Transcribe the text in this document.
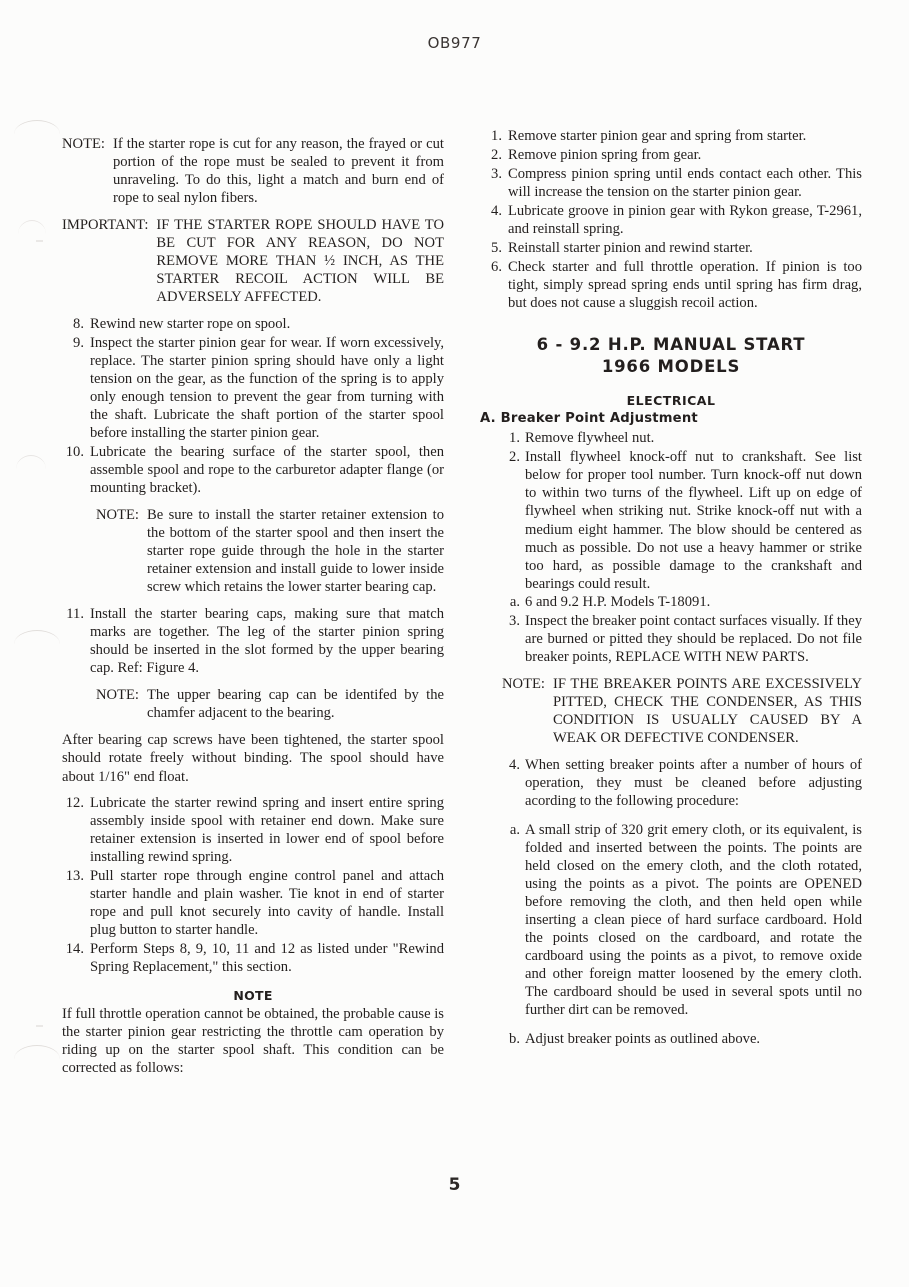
OB977
NOTE: If the starter rope is cut for any reason, the frayed or cut portion of the rope must be sealed to prevent it from unraveling. To do this, light a match and burn end of rope to seal nylon fibers.
IMPORTANT: IF THE STARTER ROPE SHOULD HAVE TO BE CUT FOR ANY REASON, DO NOT REMOVE MORE THAN ½ INCH, AS THE STARTER RECOIL ACTION WILL BE ADVERSELY AFFECTED.
8. Rewind new starter rope on spool.
9. Inspect the starter pinion gear for wear. If worn excessively, replace. The starter pinion spring should have only a light tension on the gear, as the function of the spring is to apply only enough tension to prevent the gear from turning with the shaft. Lubricate the shaft portion of the starter spool before installing the starter pinion gear.
10. Lubricate the bearing surface of the starter spool, then assemble spool and rope to the carburetor adapter flange (or mounting bracket).
NOTE: Be sure to install the starter retainer extension to the bottom of the starter spool and then insert the starter rope guide through the hole in the starter retainer extension and install guide to lower inside screw which retains the lower starter bearing cap.
11. Install the starter bearing caps, making sure that match marks are together. The leg of the starter pinion spring should be inserted in the slot formed by the upper bearing cap. Ref: Figure 4.
NOTE: The upper bearing cap can be identifed by the chamfer adjacent to the bearing.
After bearing cap screws have been tightened, the starter spool should rotate freely without binding. The spool should have about 1/16" end float.
12. Lubricate the starter rewind spring and insert entire spring assembly inside spool with retainer end down. Make sure retainer extension is inserted in lower end of spool before installing rewind spring.
13. Pull starter rope through engine control panel and attach starter handle and plain washer. Tie knot in end of starter rope and pull knot securely into cavity of handle. Install plug button to starter handle.
14. Perform Steps 8, 9, 10, 11 and 12 as listed under "Rewind Spring Replacement," this section.
NOTE
If full throttle operation cannot be obtained, the probable cause is the starter pinion gear restricting the throttle cam operation by riding up on the starter spool shaft. This condition can be corrected as follows:
1. Remove starter pinion gear and spring from starter.
2. Remove pinion spring from gear.
3. Compress pinion spring until ends contact each other. This will increase the tension on the starter pinion gear.
4. Lubricate groove in pinion gear with Rykon grease, T-2961, and reinstall spring.
5. Reinstall starter pinion and rewind starter.
6. Check starter and full throttle operation. If pinion is too tight, simply spread spring ends until spring has firm drag, but does not cause a sluggish recoil action.
6 - 9.2 H.P. MANUAL START
1966 MODELS
ELECTRICAL
A. Breaker Point Adjustment
1. Remove flywheel nut.
2. Install flywheel knock-off nut to crankshaft. See list below for proper tool number. Turn knock-off nut down to within two turns of the flywheel. Lift up on edge of flywheel when striking nut. Strike knock-off nut with a medium eight hammer. The blow should be centered as much as possible. Do not use a heavy hammer or strike too hard, as possible damage to the crankshaft and bearings could result.
a. 6 and 9.2 H.P. Models T-18091.
3. Inspect the breaker point contact surfaces visually. If they are burned or pitted they should be replaced. Do not file breaker points, REPLACE WITH NEW PARTS.
NOTE: IF THE BREAKER POINTS ARE EXCESSIVELY PITTED, CHECK THE CONDENSER, AS THIS CONDITION IS USUALLY CAUSED BY A WEAK OR DEFECTIVE CONDENSER.
4. When setting breaker points after a number of hours of operation, they must be cleaned before adjusting acording to the following procedure:
a. A small strip of 320 grit emery cloth, or its equivalent, is folded and inserted between the points. The points are held closed on the emery cloth, and the cloth rotated, using the points as a pivot. The points are OPENED before removing the cloth, and then held open while inserting a clean piece of hard surface cardboard. Hold the points closed on the cardboard, and rotate the cardboard using the points as a pivot, to remove oxide and other foreign matter loosened by the emery cloth. The cardboard should be used in several spots until no further dirt can be removed.
b. Adjust breaker points as outlined above.
5
